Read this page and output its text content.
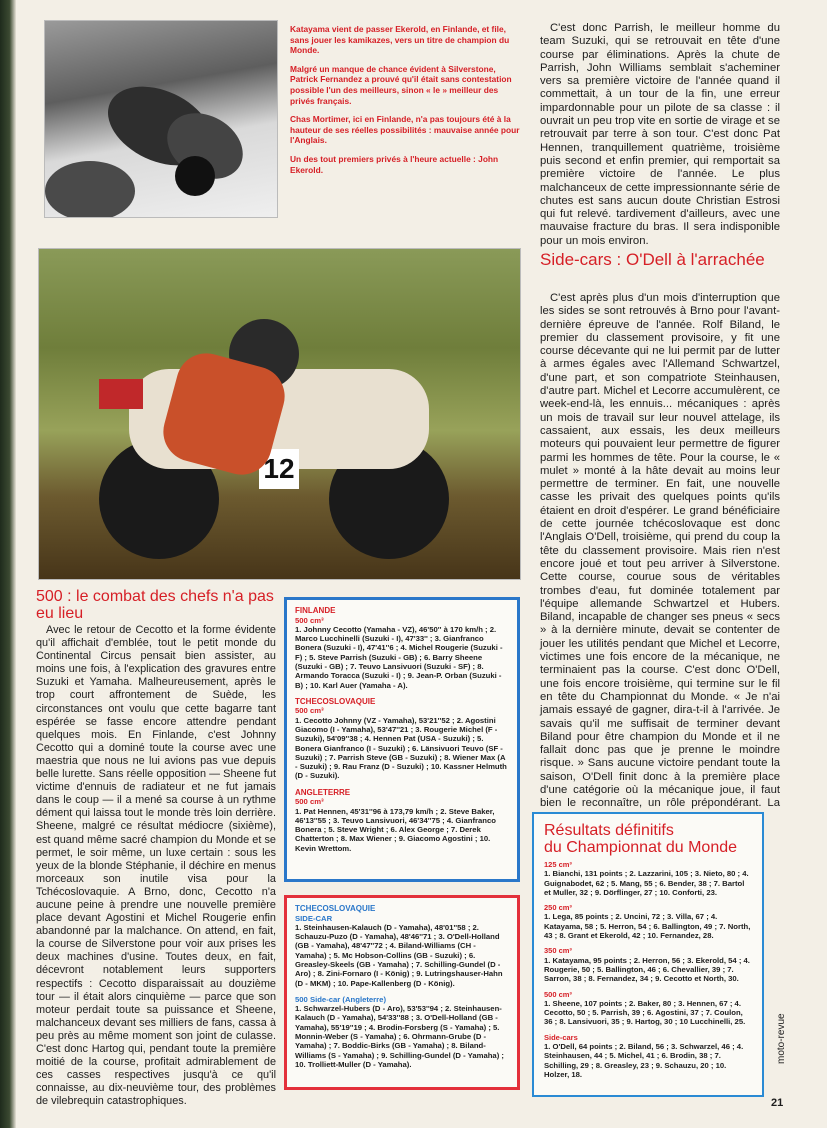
Katayama vient de passer Ekerold, en Finlande, et file, sans jouer les kamikazes, vers un titre de champion du Monde.

Malgré un manque de chance évident à Silverstone, Patrick Fernandez a prouvé qu'il était sans contestation possible l'un des meilleurs, sinon « le » meilleur des privés français.

Chas Mortimer, ici en Finlande, n'a pas toujours été à la hauteur de ses réelles possibilités : mauvaise année pour l'Anglais.

Un des tout premiers privés à l'heure actuelle : John Ekerold.

12

C'est donc Parrish, le meilleur homme du team Suzuki, qui se retrouvait en tête d'une course par éliminations. Après la chute de Parrish, John Williams semblait s'acheminer vers sa première victoire de l'année quand il commettait, à un tour de la fin, une erreur impardonnable pour un pilote de sa classe : il ouvrait un peu trop vite en sortie de virage et se retrouvait par terre à son tour. C'est donc Pat Hennen, tranquillement quatrième, troisième puis second et enfin premier, qui remportait sa première victoire de l'année. Le plus malchanceux de cette impressionnante série de chutes est sans aucun doute Christian Estrosi qui fut relevé. tardivement d'ailleurs, avec une mauvaise fracture du bras. Il sera indisponible pour un mois environ.

Side-cars : O'Dell à l'arrachée

C'est après plus d'un mois d'interruption que les sides se sont retrouvés à Brno pour l'avant-dernière épreuve de l'année. Rolf Biland, le premier du classement provisoire, y fit une course décevante qui ne lui permit par de lutter à armes égales avec l'Allemand Schwartzel, d'une part, et son compatriote Steinhausen, d'autre part. Michel et Lecorre accumulèrent, ce week-end-là, les ennuis... mécaniques : après un mois de travail sur leur nouvel attelage, ils cassaient, aux essais, les deux meilleurs moteurs qui pouvaient leur permettre de figurer parmi les hommes de tête. Pour la course, le « mulet » monté à la hâte devait au moins leur permettre de terminer. En fait, une nouvelle casse les privait des quelques points qu'ils étaient en droit d'espérer. Le grand bénéficiaire de cette journée tchécoslovaque est donc l'Anglais O'Dell, troisième, qui prend du coup la tête du classement provisoire. Mais rien n'est encore joué et tout peu arriver à Silverstone. Cette course, courue sous de véritables trombes d'eau, fut dominée totalement par l'équipe allemande Schwartzel et Hubers. Biland, incapable de changer ses pneus « secs » à la dernière minute, devait se contenter de jouer les utilités pendant que Michel et Lecorre, victimes une fois encore de la mécanique, ne terminaient pas la course. C'est donc O'Dell, une fois encore troisième, qui termine sur le fil en tête du Championnat du Monde. « Je n'ai jamais essayé de gagner, dira-t-il à l'arrivée. Je savais qu'il me suffisait de terminer devant Biland pour être champion du Monde et il ne fallait donc pas que je prenne le moindre risque. » Sans aucune victoire pendant toute la saison, O'Dell finit donc à la première place d'une catégorie où la mécanique joue, il faut bien le reconnaître, un rôle prépondérant. La

500 : le combat des chefs n'a pas eu lieu

Avec le retour de Cecotto et la forme évidente qu'il affichait d'emblée, tout le petit monde du Continental Circus pensait bien assister, au moins une fois, à l'explication des gravures entre Suzuki et Yamaha. Malheureusement, après le trop court affrontement de Suède, les circonstances ont voulu que cette bagarre tant espérée se fasse encore attendre pendant quelques mois. En Finlande, c'est Johnny Cecotto qui a dominé toute la course avec une maestria que nous ne lui avions pas vue depuis belle lurette. Sans réelle opposition — Sheene fut victime d'ennuis de radiateur et ne fut jamais dans le coup — il a mené sa course à un rythme dément qui laissa tout le monde très loin derrière. Sheene, malgré ce résultat médiocre (sixième), est quand même sacré champion du Monde et se permet, le soir même, un luxe certain : sous les yeux de la blonde Stéphanie, il déchire en menus morceaux son inutile visa pour la Tchécoslovaquie. A Brno, donc, Cecotto n'a aucune peine à prendre une nouvelle première place devant Agostini et Michel Rougerie enfin abandonné par la malchance. On attend, en fait, la course de Silverstone pour voir aux prises les deux machines d'usine. Toutes deux, en fait, décevront notablement leurs supporters respectifs : Cecotto disparaissait au douzième tour — il était alors cinquième — parce que son moteur perdait toute sa puissance et Sheene, malchanceux devant ses milliers de fans, cassa à peu près au même moment son joint de culasse. C'est donc Hartog qui, pendant toute la première moitié de la course, profitait admirablement de ces casses respectives jusqu'à ce qu'il connaisse, au dix-neuvième tour, des problèmes de vilebrequin catastrophiques.

FINLANDE
500 cm³
1. Johnny Cecotto (Yamaha - VZ), 46'50'' à 170 km/h ; 2. Marco Lucchinelli (Suzuki - I), 47'33'' ; 3. Gianfranco Bonera (Suzuki - I), 47'41''6 ; 4. Michel Rougerie (Suzuki - F) ; 5. Steve Parrish (Suzuki - GB) ; 6. Barry Sheene (Suzuki - GB) ; 7. Teuvo Lansivuori (Suzuki - SF) ; 8. Armando Toracca (Suzuki - I) ; 9. Jean-P. Orban (Suzuki - B) ; 10. Karl Auer (Yamaha - A).
TCHECOSLOVAQUIE
500 cm³
1. Cecotto Johnny (VZ - Yamaha), 53'21''52 ; 2. Agostini Giacomo (I - Yamaha), 53'47''21 ; 3. Rougerie Michel (F - Suzuki), 54'09''38 ; 4. Hennen Pat (USA - Suzuki) ; 5. Bonera Gianfranco (I - Suzuki) ; 6. Länsivuori Teuvo (SF - Suzuki) ; 7. Parrish Steve (GB - Suzuki) ; 8. Wiener Max (A - Suzuki) ; 9. Rau Franz (D - Suzuki) ; 10. Kassner Helmuth (D - Suzuki).
ANGLETERRE
500 cm³
1. Pat Hennen, 45'31''96 à 173,79 km/h ; 2. Steve Baker, 46'13''55 ; 3. Teuvo Lansivuori, 46'34''75 ; 4. Gianfranco Bonera ; 5. Steve Wright ; 6. Alex George ; 7. Derek Chatterton ; 8. Max Wiener ; 9. Giacomo Agostini ; 10. Kevin Wrettom.
TCHECOSLOVAQUIE
SIDE-CAR
1. Steinhausen-Kalauch (D - Yamaha), 48'01''58 ; 2. Schauzu-Puzo (D - Yamaha), 48'46''71 ; 3. O'Dell-Holland (GB - Yamaha), 48'47''72 ; 4. Biland-Williams (CH - Yamaha) ; 5. Mc Hobson-Collins (GB - Suzuki) ; 6. Greasley-Skeels (GB - Yamaha) ; 7. Schilling-Gundel (D - Aro) ; 8. Zini-Fornaro (I - König) ; 9. Lutringshauser-Hahn (D - MKM) ; 10. Pape-Kallenberg (D - König).
500 Side-car (Angleterre)
1. Schwarzel-Hubers (D - Aro), 53'53''94 ; 2. Steinhausen-Kalauch (D - Yamaha), 54'33''88 ; 3. O'Dell-Holland (GB - Yamaha), 55'19''19 ; 4. Brodin-Forsberg (S - Yamaha) ; 5. Monnin-Weber (S - Yamaha) ; 6. Ohrmann-Grube (D - Yamaha) ; 7. Boddic-Birks (GB - Yamaha) ; 8. Biland-Williams (S - Yamaha) ; 9. Schilling-Gundel (D - Yamaha) ; 10. Trolliett-Muller (D - Yamaha).
Résultats définitifs
du Championnat du Monde
125 cm³
1. Bianchi, 131 points ; 2. Lazzarini, 105 ; 3. Nieto, 80 ; 4. Guignabodet, 62 ; 5. Mang, 55 ; 6. Bender, 38 ; 7. Bartol et Muller, 32 ; 9. Dörflinger, 27 ; 10. Conforti, 23.
250 cm³
1. Lega, 85 points ; 2. Uncini, 72 ; 3. Villa, 67 ; 4. Katayama, 58 ; 5. Herron, 54 ; 6. Ballington, 49 ; 7. North, 43 ; 8. Grant et Ekerold, 42 ; 10. Fernandez, 28.
350 cm³
1. Katayama, 95 points ; 2. Herron, 56 ; 3. Ekerold, 54 ; 4. Rougerie, 50 ; 5. Ballington, 46 ; 6. Chevallier, 39 ; 7. Sarron, 38 ; 8. Fernandez, 34 ; 9. Cecotto et North, 30.
500 cm³
1. Sheene, 107 points ; 2. Baker, 80 ; 3. Hennen, 67 ; 4. Cecotto, 50 ; 5. Parrish, 39 ; 6. Agostini, 37 ; 7. Coulon, 36 ; 8. Lansivuori, 35 ; 9. Hartog, 30 ; 10 Lucchinelli, 25.
Side-cars
1. O'Dell, 64 points ; 2. Biland, 56 ; 3. Schwarzel, 46 ; 4. Steinhausen, 44 ; 5. Michel, 41 ; 6. Brodin, 38 ; 7. Schilling, 29 ; 8. Greasley, 23 ; 9. Schauzu, 20 ; 10. Holzer, 18.
moto-revue
21
